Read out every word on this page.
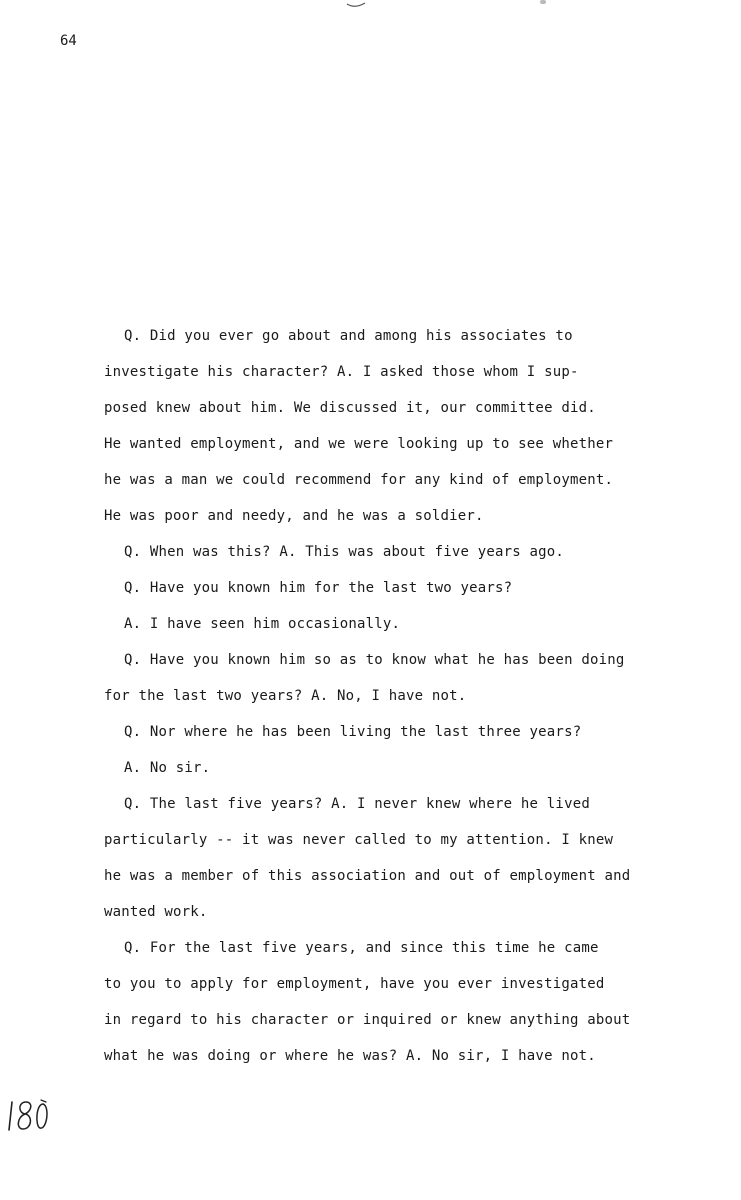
64
Q. Did you ever go about and among his associates to
investigate his character? A. I asked those whom I sup-
posed knew about him. We discussed it, our committee did.
He wanted employment, and we were looking up to see whether
he was a man we could recommend for any kind of employment.
He was poor and needy, and he was a soldier.
Q. When was this? A. This was about five years ago.
Q. Have you known him for the last two years?
A. I have seen him occasionally.
Q. Have you known him so as to know what he has been doing
for the last two years? A. No, I have not.
Q. Nor where he has been living the last three years?
A. No sir.
Q. The last five years? A. I never knew where he lived
particularly -- it was never called to my attention. I knew
he was a member of this association and out of employment and
wanted work.
Q. For the last five years, and since this time he came
to you to apply for employment, have you ever investigated
in regard to his character or inquired or knew anything about
what he was doing or where he was? A. No sir, I have not.
